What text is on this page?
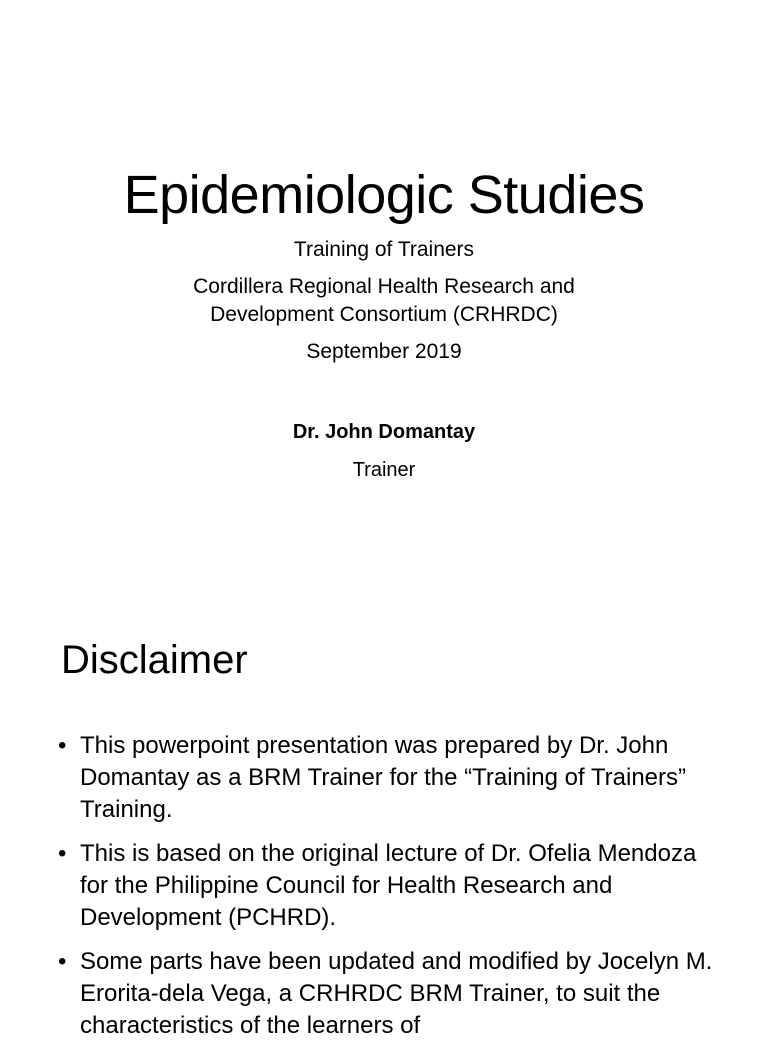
Epidemiologic Studies

Training of Trainers

Cordillera Regional Health Research and
Development Consortium (CRHRDC)

September 2019

Dr. John Domantay
Trainer
Disclaimer
• This powerpoint presentation was prepared by Dr. John Domantay as a BRM Trainer for the “Training of Trainers” Training.
• This is based on the original lecture of Dr. Ofelia Mendoza for the Philippine Council for Health Research and Development (PCHRD).
• Some parts have been updated and modified by Jocelyn M. Erorita-dela Vega, a CRHRDC BRM Trainer, to suit the characteristics of the learners of
